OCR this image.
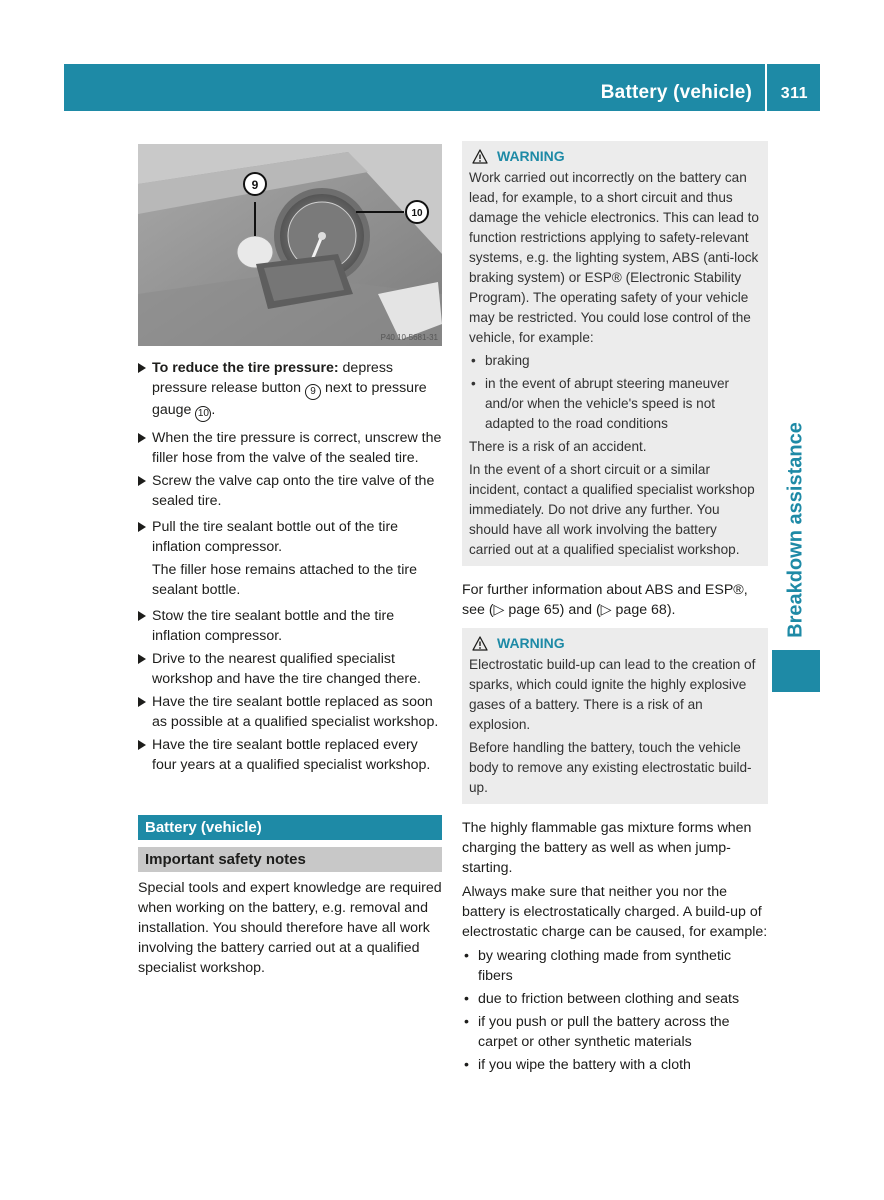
Battery (vehicle) 311
Breakdown assistance
9
10
P40.10-5681-31
To reduce the tire pressure: depress pressure release button 9 next to pressure gauge 10 .
When the tire pressure is correct, unscrew the filler hose from the valve of the sealed tire.
Screw the valve cap onto the tire valve of the sealed tire.
Pull the tire sealant bottle out of the tire inflation compressor.
The filler hose remains attached to the tire sealant bottle.
Stow the tire sealant bottle and the tire inflation compressor.
Drive to the nearest qualified specialist workshop and have the tire changed there.
Have the tire sealant bottle replaced as soon as possible at a qualified specialist workshop.
Have the tire sealant bottle replaced every four years at a qualified specialist workshop.
Battery (vehicle)
Important safety notes

Special tools and expert knowledge are required when working on the battery, e.g. removal and installation. You should therefore have all work involving the battery carried out at a qualified specialist workshop.

WARNING

Work carried out incorrectly on the battery can lead, for example, to a short circuit and thus damage the vehicle electronics. This can lead to function restrictions applying to safety-relevant systems, e.g. the lighting system, ABS (anti-lock braking system) or ESP® (Electronic Stability Program). The operating safety of your vehicle may be restricted. You could lose control of the vehicle, for example:

• braking
• in the event of abrupt steering maneuver and/or when the vehicle's speed is not adapted to the road conditions

There is a risk of an accident.

In the event of a short circuit or a similar incident, contact a qualified specialist workshop immediately. Do not drive any further. You should have all work involving the battery carried out at a qualified specialist workshop.

For further information about ABS and ESP®, see (▷ page 65) and (▷ page 68).

WARNING

Electrostatic build-up can lead to the creation of sparks, which could ignite the highly explosive gases of a battery. There is a risk of an explosion.

Before handling the battery, touch the vehicle body to remove any existing electrostatic build-up.

The highly flammable gas mixture forms when charging the battery as well as when jump-starting.

Always make sure that neither you nor the battery is electrostatically charged. A build-up of electrostatic charge can be caused, for example:

• by wearing clothing made from synthetic fibers
• due to friction between clothing and seats
• if you push or pull the battery across the carpet or other synthetic materials
• if you wipe the battery with a cloth
